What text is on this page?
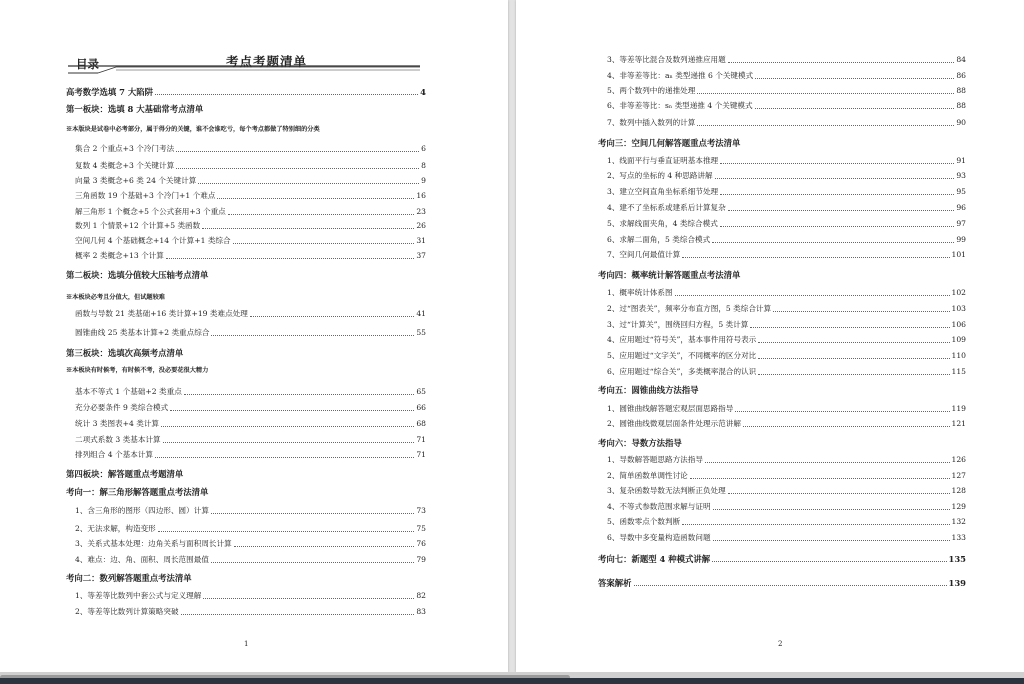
目录	考点考题清单
高考数学选填 7 大陷阱	4
第一板块：选填 8 大基础常考点清单
※本版块是试卷中必考部分，属于得分的关键，谁不会谁吃亏，每个考点都做了特别细的分类
集合 2 个重点+3 个冷门考法	6
复数 4 类概念+3 个关键计算	8
向量 3 类概念+6 类 24 个关键计算	9
三角函数 19 个基础+3 个冷门+1 个难点	16
解三角形 1 个概念+5 个公式套用+3 个重点	23
数列 1 个情景+12 个计算+5 类函数	26
空间几何 4 个基础概念+14 个计算+1 类综合	31
概率 2 类概念+13 个计算	37
第二板块：选填分值较大压轴考点清单
※本板块必考且分值大，但试题较难
函数与导数 21 类基础+16 类计算+19 类难点处理	41
圆锥曲线 25 类基本计算+2 类重点综合	55
第三板块：选填次高频考点清单
※本板块有时候考，有时候不考，没必要花很大精力
基本不等式 1 个基础+2 类重点	65
充分必要条件 9 类综合模式	66
统计 3 类图表+4 类计算	68
二项式系数 3 类基本计算	71
排列组合 4 个基本计算	71
第四板块：解答题重点考题清单
考向一：解三角形解答题重点考法清单
1、含三角形的图形（四边形、圆）计算	73
2、无法求解，构造变形	75
3、关系式基本处理：边角关系与面积周长计算	76
4、难点：边、角、面积、周长范围最值	79
考向二：数列解答题重点考法清单
1、等差等比数列中套公式与定义理解	82
2、等差等比数列计算策略突破	83
1
3、等差等比混合及数列递推应用题	84
4、非等差等比：aₙ 类型递推 6 个关键模式	86
5、两个数列中的递推处理	88
6、非等差等比：sₙ 类型递推 4 个关键模式	88
7、数列中插入数列的计算	90
考向三：空间几何解答题重点考法清单
1、线面平行与垂直证明基本推理	91
2、写点的坐标的 4 种思路讲解	93
3、建立空间直角坐标系细节处理	95
4、建不了坐标系或建系后计算复杂	96
5、求解线面夹角，4 类综合模式	97
6、求解二面角，5 类综合模式	99
7、空间几何最值计算	101
考向四：概率统计解答题重点考法清单
1、概率统计体系图	102
2、过“图表关”，频率分布直方图，5 类综合计算	103
3、过“计算关”，围绕回归方程，5 类计算	106
4、应用题过“符号关”，基本事件用符号表示	109
5、应用题过“文字关”，不同概率的区分对比	110
6、应用题过“综合关”，多类概率混合的认识	115
考向五：圆锥曲线方法指导
1、圆锥曲线解答题宏观层面思路指导	119
2、圆锥曲线微观层面条件处理示范讲解	121
考向六：导数方法指导
1、导数解答题思路方法指导	126
2、简单函数单调性讨论	127
3、复杂函数导数无法判断正负处理	128
4、不等式参数范围求解与证明	129
5、函数零点个数判断	132
6、导数中多变量构造函数问题	133
考向七：新题型 4 种模式讲解	135
答案解析	139
2
